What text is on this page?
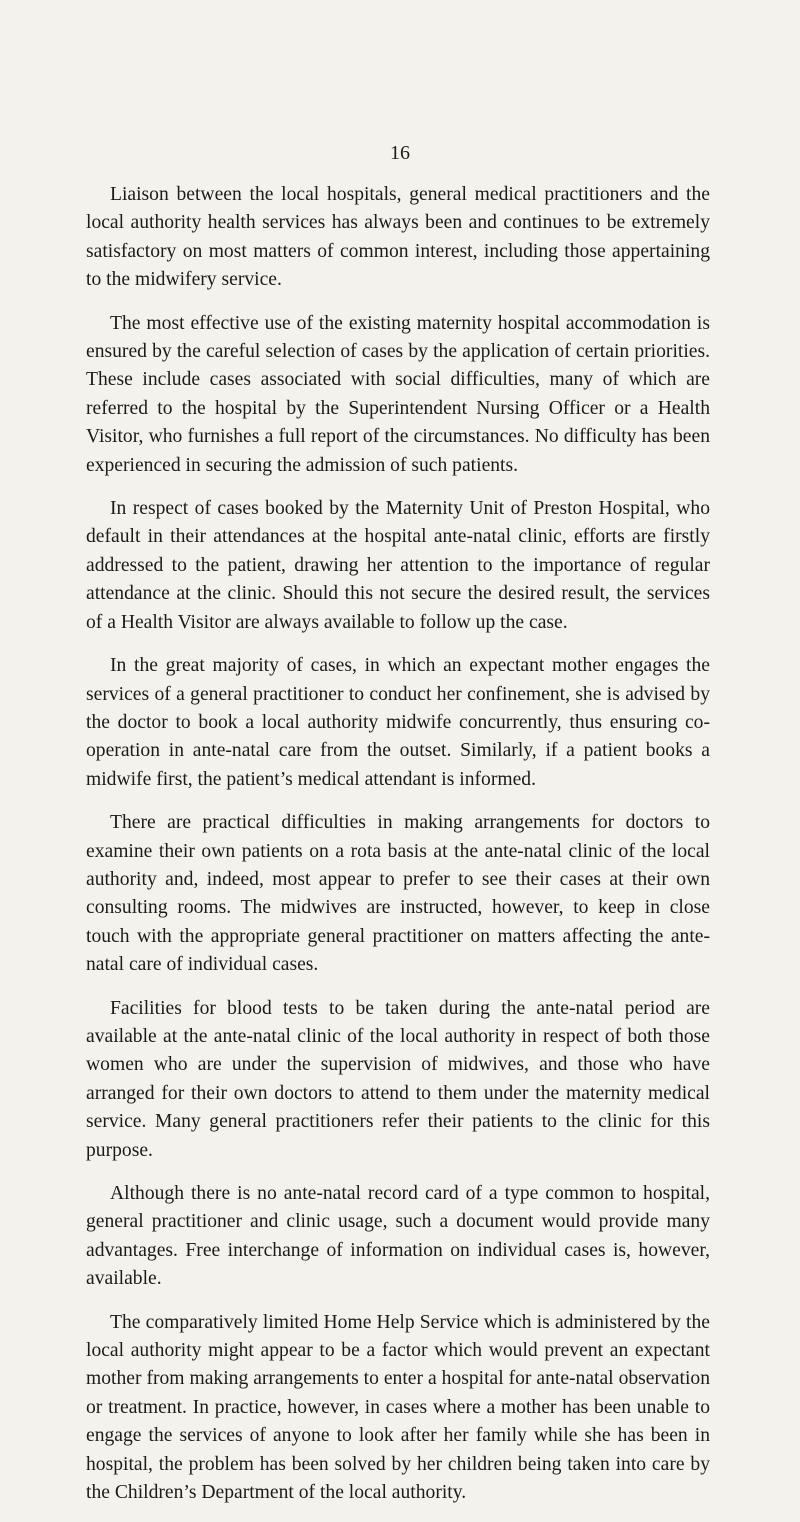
16

Liaison between the local hospitals, general medical practitioners and the local authority health services has always been and continues to be extremely satisfactory on most matters of common interest, including those appertaining to the midwifery service.

The most effective use of the existing maternity hospital accommodation is ensured by the careful selection of cases by the application of certain priorities. These include cases associated with social difficulties, many of which are referred to the hospital by the Superintendent Nursing Officer or a Health Visitor, who furnishes a full report of the circumstances. No difficulty has been experienced in securing the admission of such patients.

In respect of cases booked by the Maternity Unit of Preston Hospital, who default in their attendances at the hospital ante-natal clinic, efforts are firstly addressed to the patient, drawing her attention to the importance of regular attendance at the clinic. Should this not secure the desired result, the services of a Health Visitor are always available to follow up the case.

In the great majority of cases, in which an expectant mother engages the services of a general practitioner to conduct her confinement, she is advised by the doctor to book a local authority midwife concurrently, thus ensuring co-operation in ante-natal care from the outset. Similarly, if a patient books a midwife first, the patient’s medical attendant is informed.

There are practical difficulties in making arrangements for doctors to examine their own patients on a rota basis at the ante-natal clinic of the local authority and, indeed, most appear to prefer to see their cases at their own consulting rooms. The midwives are instructed, however, to keep in close touch with the appropriate general practitioner on matters affecting the ante-natal care of individual cases.

Facilities for blood tests to be taken during the ante-natal period are available at the ante-natal clinic of the local authority in respect of both those women who are under the supervision of midwives, and those who have arranged for their own doctors to attend to them under the maternity medical service. Many general practitioners refer their patients to the clinic for this purpose.

Although there is no ante-natal record card of a type common to hospital, general practitioner and clinic usage, such a document would provide many advantages. Free interchange of information on individual cases is, however, available.

The comparatively limited Home Help Service which is administered by the local authority might appear to be a factor which would prevent an expectant mother from making arrangements to enter a hospital for ante-natal observation or treatment. In practice, however, in cases where a mother has been unable to engage the services of anyone to look after her family while she has been in hospital, the problem has been solved by her children being taken into care by the Children’s Department of the local authority.
